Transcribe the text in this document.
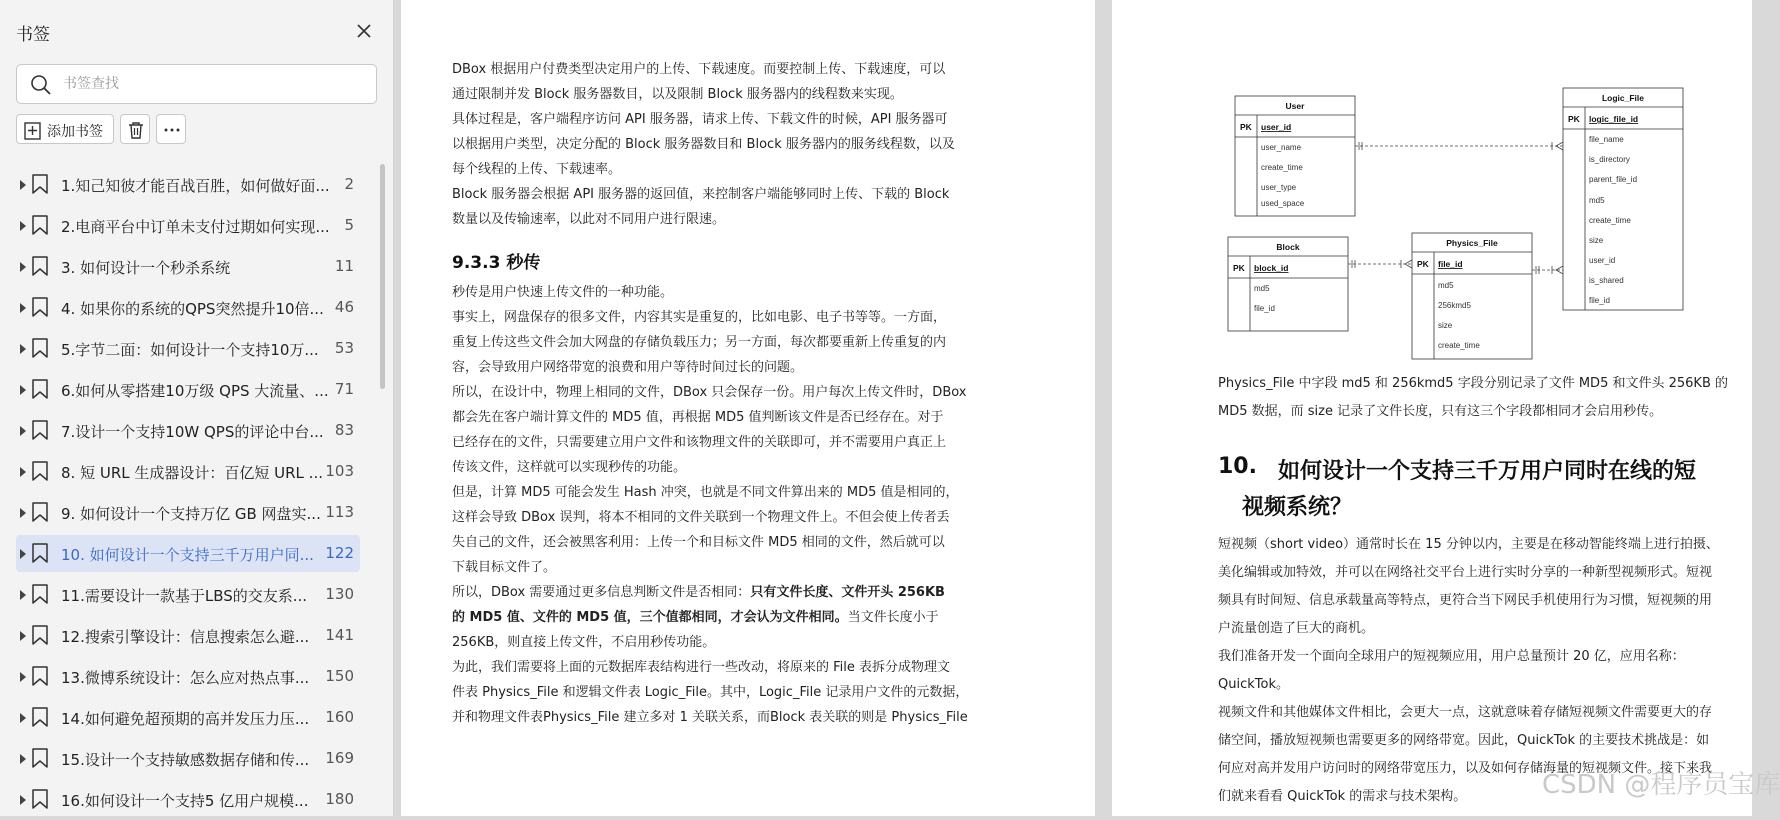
书签
书签查找
添加书签
1.知己知彼才能百战百胜，如何做好面... 2
2.电商平台中订单未支付过期如何实现... 5
3. 如何设计一个秒杀系统	11
4. 如果你的系统的QPS突然提升10倍... 46
5.字节二面：如何设计一个支持10万...	53
6.如何从零搭建10万级 QPS 大流量、... 71
7.设计一个支持10W QPS的评论中台... 83
8. 短 URL 生成器设计：百亿短 URL ... 103
9. 如何设计一个支持万亿 GB 网盘实... 113
10. 如何设计一个支持三千万用户同... 122
11.需要设计一款基于LBS的交友系...	130
12.搜索引擎设计：信息搜索怎么避...	141
13.微博系统设计：怎么应对热点事...	150
14.如何避免超预期的高并发压力压...	160
15.设计一个支持敏感数据存储和传...	169
16.如何设计一个支持5 亿用户规模...	180
DBox 根据用户付费类型决定用户的上传、下载速度。而要控制上传、下载速度，可以
通过限制并发 Block 服务器数目，以及限制 Block 服务器内的线程数来实现。
具体过程是，客户端程序访问 API 服务器，请求上传、下载文件的时候，API 服务器可
以根据用户类型，决定分配的 Block 服务器数目和 Block 服务器内的服务线程数，以及
每个线程的上传、下载速率。
Block 服务器会根据 API 服务器的返回值，来控制客户端能够同时上传、下载的 Block
数量以及传输速率，以此对不同用户进行限速。
9.3.3 秒传
秒传是用户快速上传文件的一种功能。
事实上，网盘保存的很多文件，内容其实是重复的，比如电影、电子书等等。一方面，
重复上传这些文件会加大网盘的存储负载压力；另一方面，每次都要重新上传重复的内
容，会导致用户网络带宽的浪费和用户等待时间过长的问题。
所以，在设计中，物理上相同的文件，DBox 只会保存一份。用户每次上传文件时，DBox
都会先在客户端计算文件的 MD5 值，再根据 MD5 值判断该文件是否已经存在。对于
已经存在的文件，只需要建立用户文件和该物理文件的关联即可，并不需要用户真正上
传该文件，这样就可以实现秒传的功能。
但是，计算 MD5 可能会发生 Hash 冲突，也就是不同文件算出来的 MD5 值是相同的，
这样会导致 DBox 误判，将本不相同的文件关联到一个物理文件上。不但会使上传者丢
失自己的文件，还会被黑客利用：上传一个和目标文件 MD5 相同的文件，然后就可以
下载目标文件了。
所以，DBox 需要通过更多信息判断文件是否相同：只有文件长度、文件开头 256KB
的 MD5 值、文件的 MD5 值，三个值都相同，才会认为文件相同。当文件长度小于
256KB，则直接上传文件，不启用秒传功能。
为此，我们需要将上面的元数据库表结构进行一些改动，将原来的 File 表拆分成物理文
件表 Physics_File 和逻辑文件表 Logic_File。其中，Logic_File 记录用户文件的元数据，
并和物理文件表Physics_File 建立多对 1 关联关系，而Block 表关联的则是 Physics_File
User
PK user_id
user_name
create_time
user_type
used_space
Block
PK block_id
md5
file_id
Physics_File
PK file_id
md5
256kmd5
size
create_time
Logic_File
PK logic_file_id
file_name
is_directory
parent_file_id
md5
create_time
size
user_id
is_shared
file_id
Physics_File 中字段 md5 和 256kmd5 字段分别记录了文件 MD5 和文件头 256KB 的
MD5 数据，而 size 记录了文件长度，只有这三个字段都相同才会启用秒传。
10. 如何设计一个支持三千万用户同时在线的短
视频系统？
短视频（short video）通常时长在 15 分钟以内，主要是在移动智能终端上进行拍摄、
美化编辑或加特效，并可以在网络社交平台上进行实时分享的一种新型视频形式。短视
频具有时间短、信息承载量高等特点，更符合当下网民手机使用行为习惯，短视频的用
户流量创造了巨大的商机。
我们准备开发一个面向全球用户的短视频应用，用户总量预计 20 亿，应用名称：
QuickTok。
视频文件和其他媒体文件相比，会更大一点，这就意味着存储短视频文件需要更大的存
储空间，播放短视频也需要更多的网络带宽。因此，QuickTok 的主要技术挑战是：如
何应对高并发用户访问时的网络带宽压力，以及如何存储海量的短视频文件。接下来我
们就来看看 QuickTok 的需求与技术架构。	CSDN @程序员宝库
